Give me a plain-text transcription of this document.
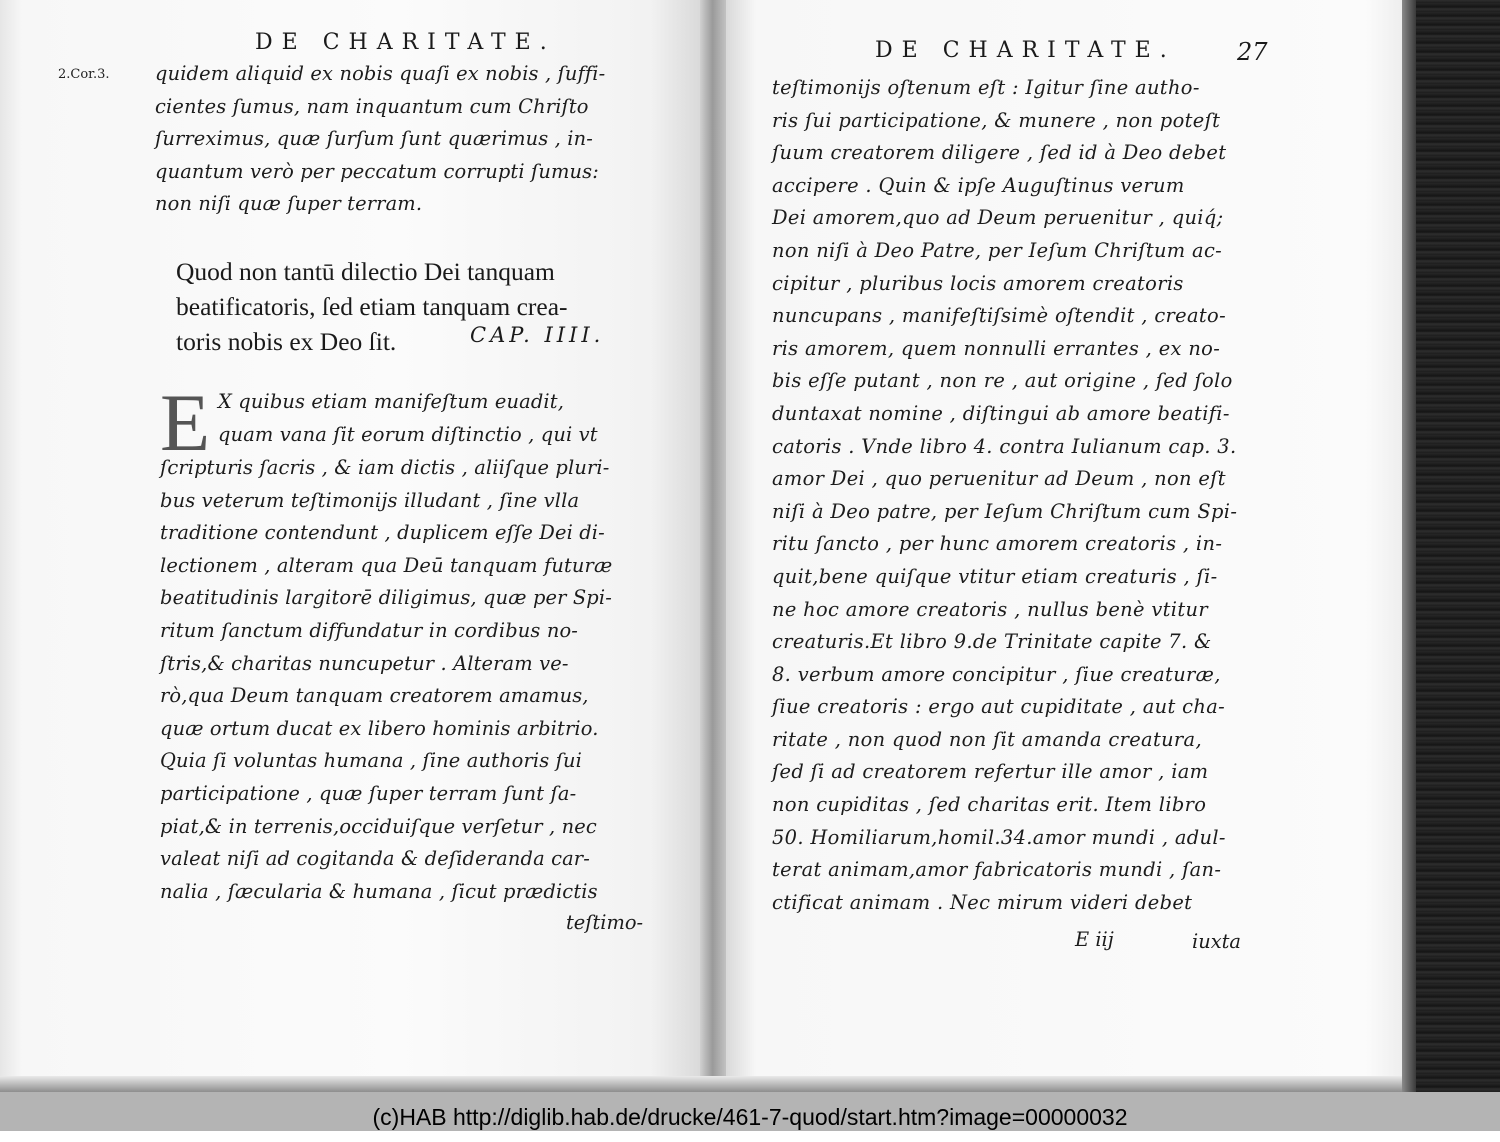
DE CHARITATE.
2.Cor.3. quidem aliquid ex nobis quaſi ex nobis , ſuffi-
cientes ſumus, nam inquantum cum Chriſto
ſurreximus, quæ ſurſum ſunt quærimus , in-
quantum verò per peccatum corrupti ſumus:
non niſi quæ ſuper terram.
Quod non tantū dilectio Dei tanquam
beatificatoris, ſed etiam tanquam crea-
toris nobis ex Deo ſit.	CAP. IIII.
E X quibus etiam manifeſtum euadit,
quam vana ſit eorum diſtinctio , qui vt
ſcripturis ſacris , & iam dictis , aliiſque pluri-
bus veterum teſtimonijs illudant , ſine vlla
traditione contendunt , duplicem eſſe Dei di-
lectionem , alteram qua Deū tanquam futuræ
beatitudinis largitorē diligimus, quæ per Spi-
ritum ſanctum diffundatur in cordibus no-
ſtris,& charitas nuncupetur . Alteram ve-
rò,qua Deum tanquam creatorem amamus,
quæ ortum ducat ex libero hominis arbitrio.
Quia ſi voluntas humana , ſine authoris ſui
participatione , quæ ſuper terram ſunt ſa-
piat,& in terrenis,occiduiſque verſetur , nec
valeat niſi ad cogitanda & deſideranda car-
nalia , ſæcularia & humana , ſicut prædictis
teſtimo-
DE CHARITATE.	27
teſtimonijs oſtenum eſt : Igitur ſine autho-
ris ſui participatione, & munere , non poteſt
ſuum creatorem diligere , ſed id à Deo debet
accipere . Quin & ipſe Auguſtinus verum
Dei amorem,quo ad Deum peruenitur , quiq́;
non niſi à Deo Patre, per Ieſum Chriſtum ac-
cipitur , pluribus locis amorem creatoris
nuncupans , manifeſtiſsimè oſtendit , creato-
ris amorem, quem nonnulli errantes , ex no-
bis eſſe putant , non re , aut origine , ſed ſolo
duntaxat nomine , diſtingui ab amore beatifi-
catoris . Vnde libro 4. contra Iulianum cap. 3.
amor Dei , quo peruenitur ad Deum , non eſt
niſi à Deo patre, per Ieſum Chriſtum cum Spi-
ritu ſancto , per hunc amorem creatoris , in-
quit,bene quiſque vtitur etiam creaturis , ſi-
ne hoc amore creatoris , nullus benè vtitur
creaturis.Et libro 9.de Trinitate capite 7. &
8. verbum amore concipitur , ſiue creaturæ,
ſiue creatoris : ergo aut cupiditate , aut cha-
ritate , non quod non ſit amanda creatura,
ſed ſi ad creatorem refertur ille amor , iam
non cupiditas , ſed charitas erit. Item libro
50. Homiliarum,homil.34.amor mundi , adul-
terat animam,amor fabricatoris mundi , ſan-
ctificat animam . Nec mirum videri debet
E iij	iuxta
(c)HAB http://diglib.hab.de/drucke/461-7-quod/start.htm?image=00000032
